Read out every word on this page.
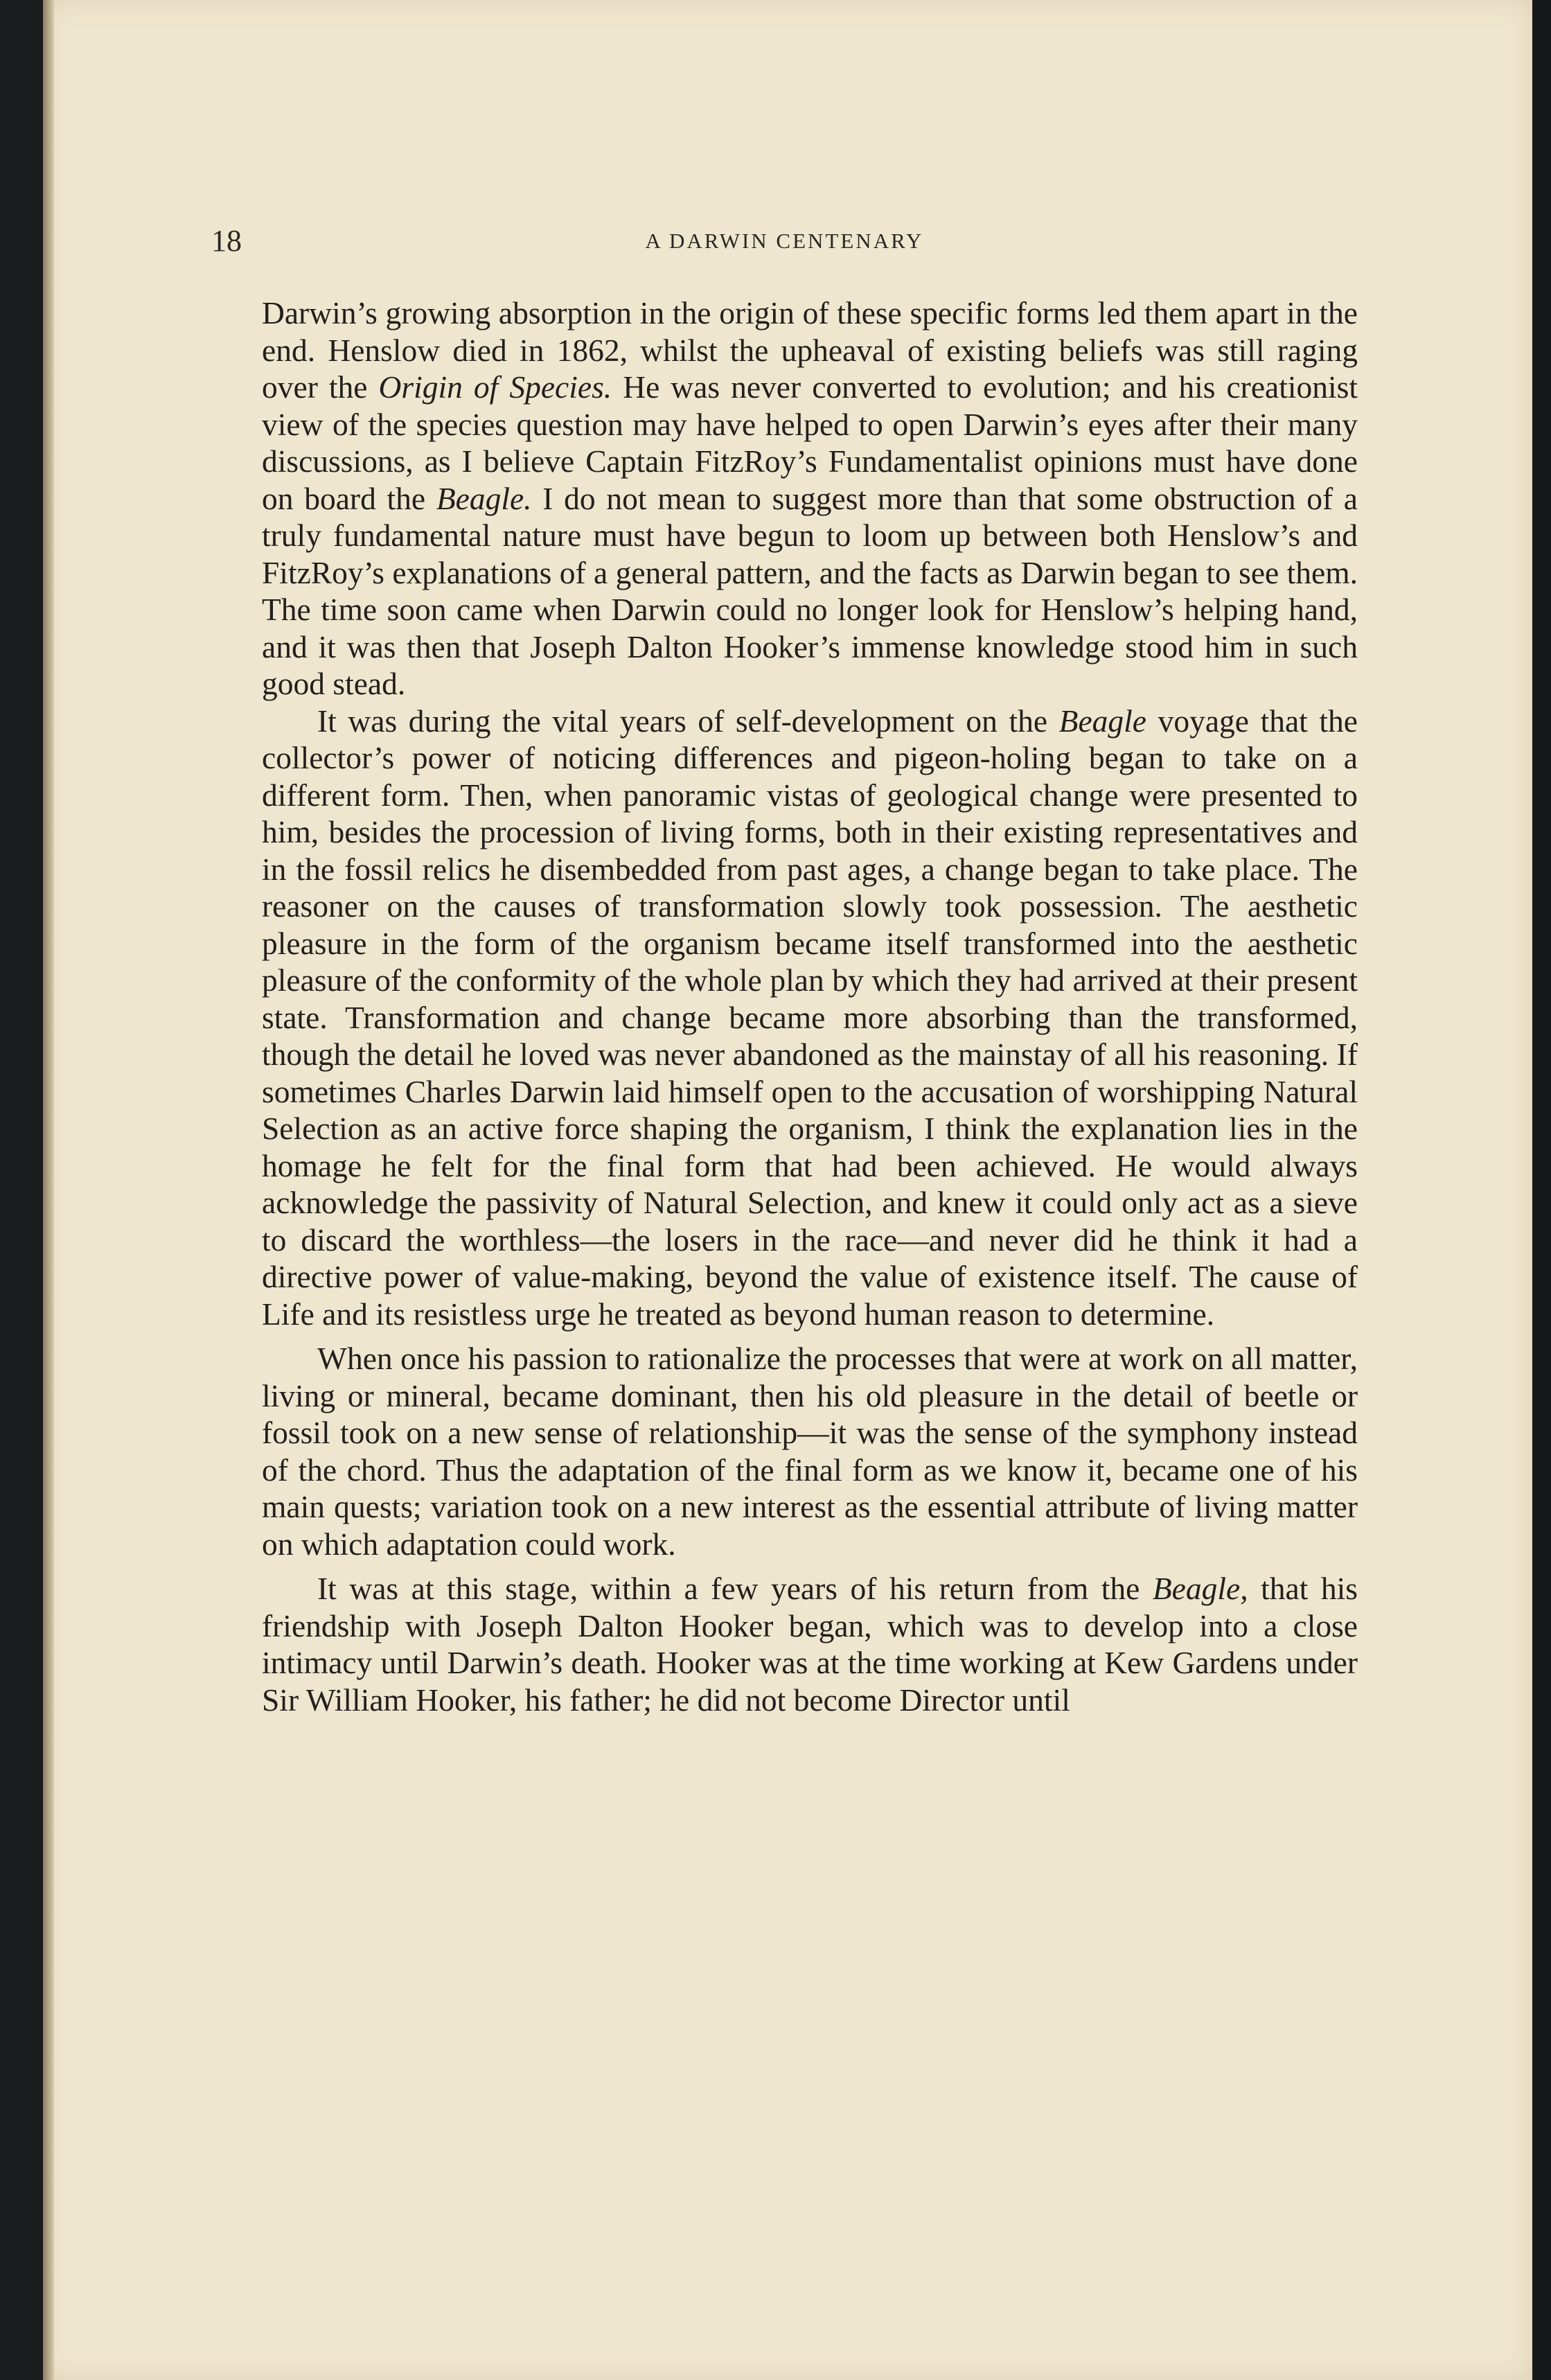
18	A DARWIN CENTENARY

Darwin’s growing absorption in the origin of these specific forms led them apart in the end. Henslow died in 1862, whilst the upheaval of existing beliefs was still raging over the Origin of Species. He was never converted to evolution; and his creationist view of the species question may have helped to open Darwin’s eyes after their many discussions, as I believe Captain FitzRoy’s Fundamentalist opinions must have done on board the Beagle. I do not mean to suggest more than that some obstruction of a truly fundamental nature must have begun to loom up between both Henslow’s and FitzRoy’s explanations of a general pattern, and the facts as Darwin began to see them. The time soon came when Darwin could no longer look for Henslow’s helping hand, and it was then that Joseph Dalton Hooker’s immense knowledge stood him in such good stead.

It was during the vital years of self-development on the Beagle voyage that the collector’s power of noticing differences and pigeon-holing began to take on a different form. Then, when panoramic vistas of geological change were presented to him, besides the procession of living forms, both in their existing representatives and in the fossil relics he disembedded from past ages, a change began to take place. The reasoner on the causes of transformation slowly took possession. The aesthetic pleasure in the form of the organism became itself transformed into the aesthetic pleasure of the conformity of the whole plan by which they had arrived at their present state. Transformation and change became more absorbing than the transformed, though the detail he loved was never abandoned as the mainstay of all his reasoning. If sometimes Charles Darwin laid himself open to the accusation of worshipping Natural Selection as an active force shaping the organism, I think the explanation lies in the homage he felt for the final form that had been achieved. He would always acknowledge the passivity of Natural Selection, and knew it could only act as a sieve to discard the worthless—the losers in the race—and never did he think it had a directive power of value-making, beyond the value of existence itself. The cause of Life and its resistless urge he treated as beyond human reason to determine.

When once his passion to rationalize the processes that were at work on all matter, living or mineral, became dominant, then his old pleasure in the detail of beetle or fossil took on a new sense of relationship—it was the sense of the symphony instead of the chord. Thus the adaptation of the final form as we know it, became one of his main quests; variation took on a new interest as the essential attribute of living matter on which adaptation could work.

It was at this stage, within a few years of his return from the Beagle, that his friendship with Joseph Dalton Hooker began, which was to develop into a close intimacy until Darwin’s death. Hooker was at the time working at Kew Gardens under Sir William Hooker, his father; he did not become Director until
